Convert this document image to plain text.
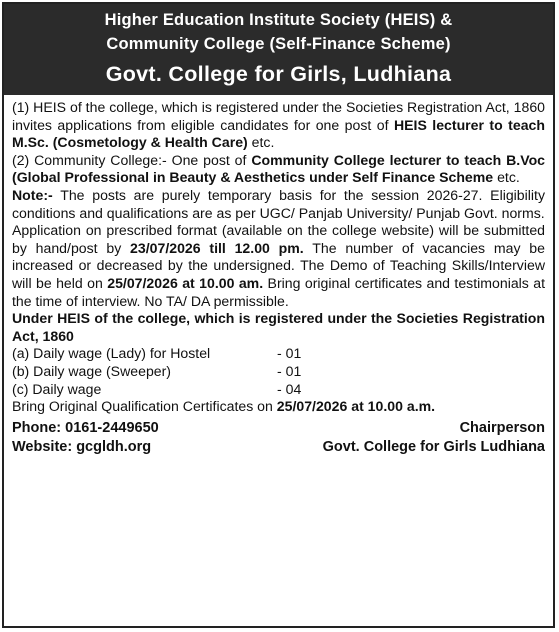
Higher Education Institute Society (HEIS) &
Community College (Self-Finance Scheme)
Govt. College for Girls, Ludhiana

(1) HEIS of the college, which is registered under the Societies Registration Act, 1860 invites applications from eligible candidates for one post of HEIS lecturer to teach M.Sc. (Cosmetology & Health Care) etc.

(2) Community College:- One post of Community College lecturer to teach B.Voc (Global Professional in Beauty & Aesthetics under Self Finance Scheme etc.

Note:- The posts are purely temporary basis for the session 2026-27. Eligibility conditions and qualifications are as per UGC/ Panjab University/ Punjab Govt. norms.

Application on prescribed format (available on the college website) will be submitted by hand/post by 23/07/2026 till 12.00 pm. The number of vacancies may be increased or decreased by the undersigned. The Demo of Teaching Skills/Interview will be held on 25/07/2026 at 10.00 am. Bring original certificates and testimonials at the time of interview. No TA/ DA permissible.

Under HEIS of the college, which is registered under the Societies Registration Act, 1860

(a) Daily wage (Lady) for Hostel	- 01
(b) Daily wage (Sweeper)	- 01
(c) Daily wage	- 04

Bring Original Qualification Certificates on 25/07/2026 at 10.00 a.m.

Phone: 0161-2449650
Website: gcgldh.org
Chairperson
Govt. College for Girls Ludhiana
